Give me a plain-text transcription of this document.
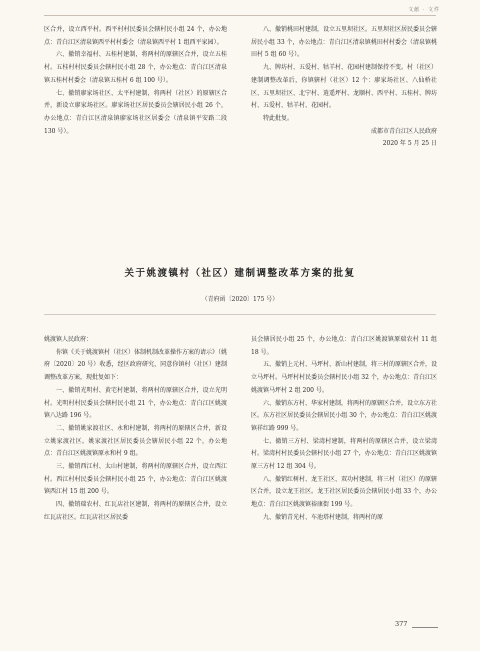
文献 · 文件

区合并，设立西平村。西平村村民委员会辖村民小组 24 个，办公地点：青白江区清泉镇西平村村委会（清泉镇西平村 1 组西平家园）。

六、撤销幸福村、五桂村建制，将两村的原辖区合并，设立五桂村。五桂村村民委员会辖村民小组 28 个，办公地点：青白江区清泉镇五桂村村委会（清泉镇五桂村 6 组 100 号）。

七、撤销廖家场社区、太平村建制，将两村（社区）的原辖区合并，新设立廖家场社区。廖家场社区居民委员会辖居民小组 26 个，办公地点：青白江区清泉镇廖家场社区居委会（清泉镇平安路二段 130 号）。

八、撤销桃田村建制，设立五里坝社区。五里坝社区居民委员会辖居民小组 33 个，办公地点：青白江区清泉镇桃田村村委会（清泉镇桃田村 5 组 60 号）。

九、牌坊村、五爱村、牯羊村、花园村建制保持不变。村（社区）建制调整改革后，你镇辖村（社区）12 个：廖家场社区、八仙桥社区、五里坝社区、北宁村、逍遥坪村、龙顺村、西平村、五桂村、牌坊村、五爱村、牯羊村、花园村。

特此批复。

成都市青白江区人民政府

2020 年 5 月 25 日

关于姚渡镇村（社区）建制调整改革方案的批复
（青府函〔2020〕175 号）

姚渡镇人民政府：

你镇《关于姚渡镇村（社区）体制机制改革操作方案的请示》（姚府〔2020〕20 号）收悉，经区政府研究，同意你镇村（社区）建制调整改革方案，现批复如下：

一、撤销光明村、黄宅村建制，将两村的原辖区合并，设立光明村。光明村村民委员会辖村民小组 21 个，办公地点：青白江区姚渡镇八达路 196 号。

二、撤销姚家渡社区、永和村建制，将两村的原辖区合并，新设立姚家渡社区。姚家渡社区居民委员会辖居民小组 22 个，办公地点：青白江区姚渡镇原永和村 9 组。

三、撤销西江村、太山村建制，将两村的原辖区合并，设立西江村。西江村村民委员会辖村民小组 25 个，办公地点：青白江区姚渡镇西江村 15 组 200 号。

四、撤销瑞农村、红瓦店社区建制，将两村的原辖区合并，设立红瓦店社区。红瓦店社区居民委

员会辖居民小组 25 个，办公地点：青白江区姚渡镇原瑞农村 11 组 18 号。

五、撤销上元村、马坪村、新山村建制，将三村的原辖区合并，设立马坪村。马坪村村民委员会辖村民小组 32 个，办公地点：青白江区姚渡镇马坪村 2 组 200 号。

六、撤销东方村、华家村建制，将两村的原辖区合并，设立东方社区。东方社区居民委员会辖居民小组 30 个，办公地点：青白江区姚渡镇祥红路 999 号。

七、撤销三方村、梁湾村建制，将两村的原辖区合并，设立梁湾村。梁湾村村民委员会辖村民小组 27 个，办公地点：青白江区姚渡镇原三方村 12 组 304 号。

八、撤销红树村、龙王社区、双功村建制，将三村（社区）的原辖区合并，设立龙王社区。龙王社区居民委员会辖居民小组 33 个，办公地点：青白江区姚渡镇裕康街 199 号。

九、撤销青光村、车池塔村建制，将两村的原

377
